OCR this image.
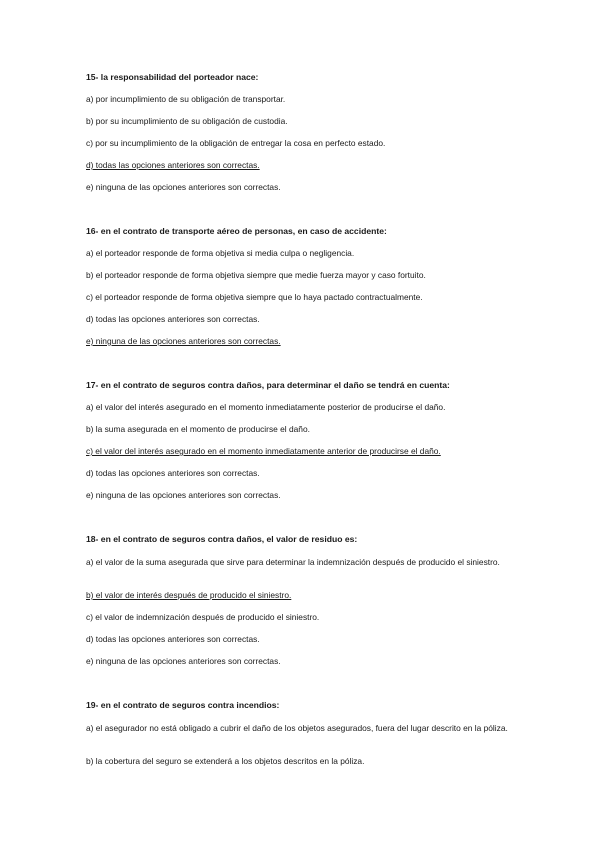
15- la responsabilidad del porteador nace:

a) por incumplimiento de su obligación de transportar.

b) por su incumplimiento de su obligación de custodia.

c) por su incumplimiento de la obligación de entregar la cosa en perfecto estado.

d) todas las opciones anteriores son correctas.

e) ninguna de las opciones anteriores son correctas.

16- en el contrato de transporte aéreo de personas, en caso de accidente:

a) el porteador responde de forma objetiva si media culpa o negligencia.

b) el porteador responde de forma objetiva siempre que medie fuerza mayor y caso fortuito.

c) el porteador responde de forma objetiva siempre que lo haya pactado contractualmente.

d) todas las opciones anteriores son correctas.

e) ninguna de las opciones anteriores son correctas.

17- en el contrato de seguros contra daños, para determinar el daño se tendrá en cuenta:

a) el valor del interés asegurado en el momento inmediatamente posterior de producirse el daño.

b) la suma asegurada en el momento de producirse el daño.

c) el valor del interés asegurado en el momento inmediatamente anterior de producirse el daño.

d) todas las opciones anteriores son correctas.

e) ninguna de las opciones anteriores son correctas.

18- en el contrato de seguros contra daños, el valor de residuo es:

a) el valor de la suma asegurada que sirve para determinar la indemnización después de producido el siniestro.

b) el valor de interés después de producido el siniestro.

c) el valor de indemnización después de producido el siniestro.

d) todas las opciones anteriores son correctas.

e) ninguna de las opciones anteriores son correctas.

19- en el contrato de seguros contra incendios:

a) el asegurador no está obligado a cubrir el daño de los objetos asegurados, fuera del lugar descrito en la póliza.

b) la cobertura del seguro se extenderá a los objetos descritos en la póliza.
